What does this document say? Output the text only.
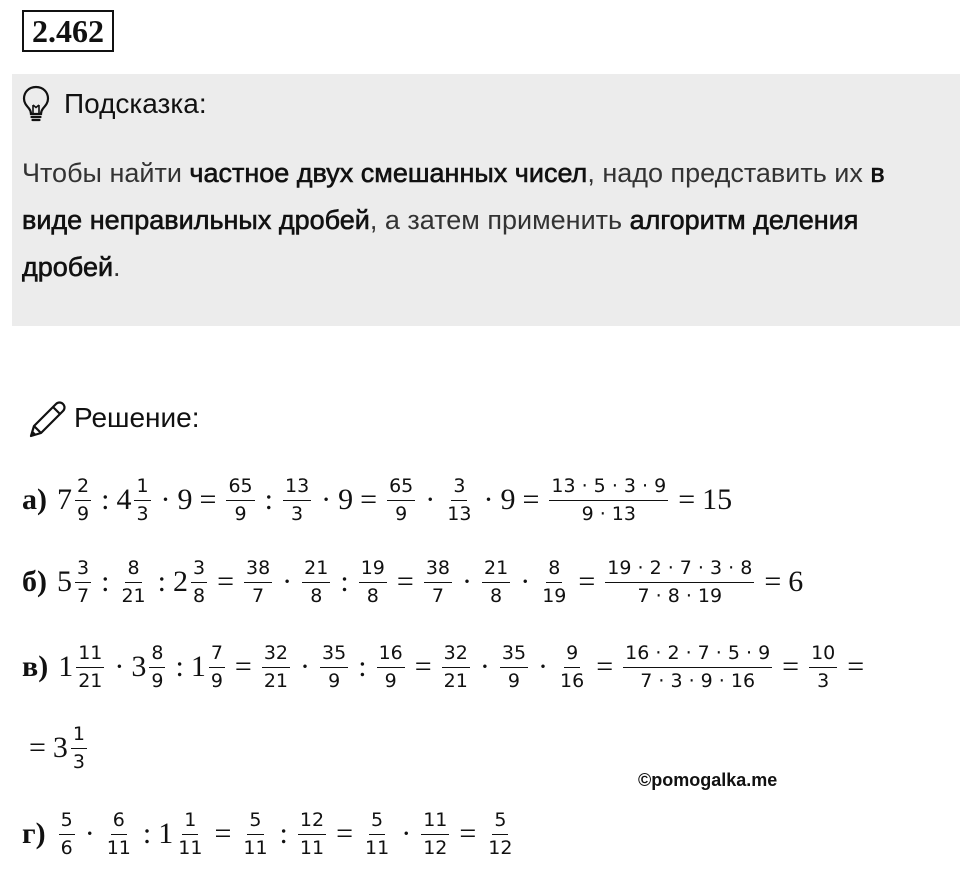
2.462
Подсказка:
Чтобы найти частное двух смешанных чисел, надо представить их в виде неправильных дробей, а затем применить алгоритм деления дробей.
Решение:
а) $7 \frac{2}{9}$ : $4 \frac{1}{3} \cdot 9 = \frac{65}{9}$ : $\frac{13}{3} \cdot 9 = \frac{65}{9} \cdot \frac{3}{13} \cdot 9 = \frac{13 \cdot 5 \cdot 3 \cdot 9}{9 \cdot 13} = 15$
б) $5 \frac{3}{7}$ : $\frac{8}{21}$ : $2 \frac{3}{8} = \frac{38}{7} \cdot \frac{21}{8}$ : $\frac{19}{8} = \frac{38}{7} \cdot \frac{21}{8} \cdot \frac{8}{19} = \frac{19 \cdot 2 \cdot 7 \cdot 3 \cdot 8}{7 \cdot 8 \cdot 19} = 6$
в) $1 \frac{11}{21} \cdot 3 \frac{8}{9}$ : $1 \frac{7}{9} = \frac{32}{21} \cdot \frac{35}{9}$ : $\frac{16}{9} = \frac{32}{21} \cdot \frac{35}{9} \cdot \frac{9}{16} = \frac{16 \cdot 2 \cdot 7 \cdot 5 \cdot 9}{7 \cdot 3 \cdot 9 \cdot 16} = \frac{10}{3}$ =
= $3 \frac{1}{3}$
$г) \frac{5}{6} \cdot \frac{6}{11}$ : $1 \frac{1}{11} = \frac{5}{11}$ : $\frac{12}{11} = \frac{5}{11} \cdot \frac{11}{12} = \frac{5}{12}$
©pomogalka.me
